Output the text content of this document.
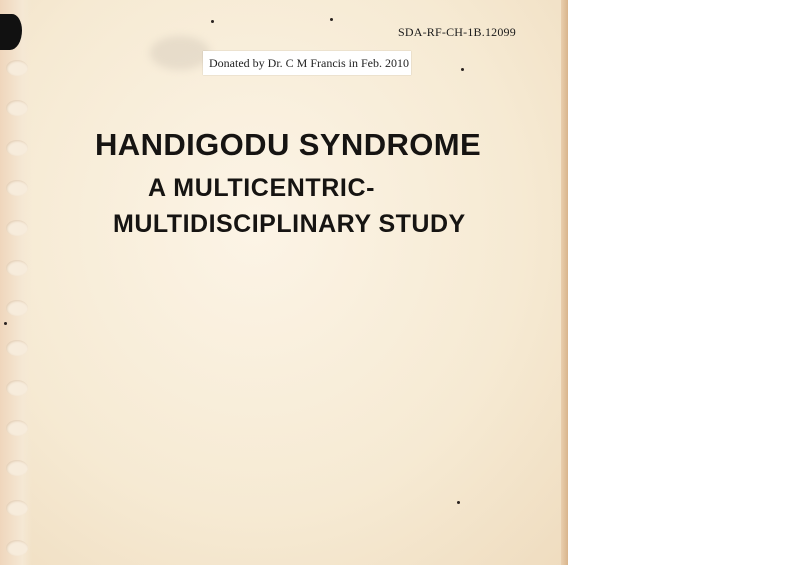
SDA-RF-CH-1B.12099
Donated by Dr. C M Francis in Feb. 2010
HANDIGODU SYNDROME
A MULTICENTRIC-
MULTIDISCIPLINARY STUDY
